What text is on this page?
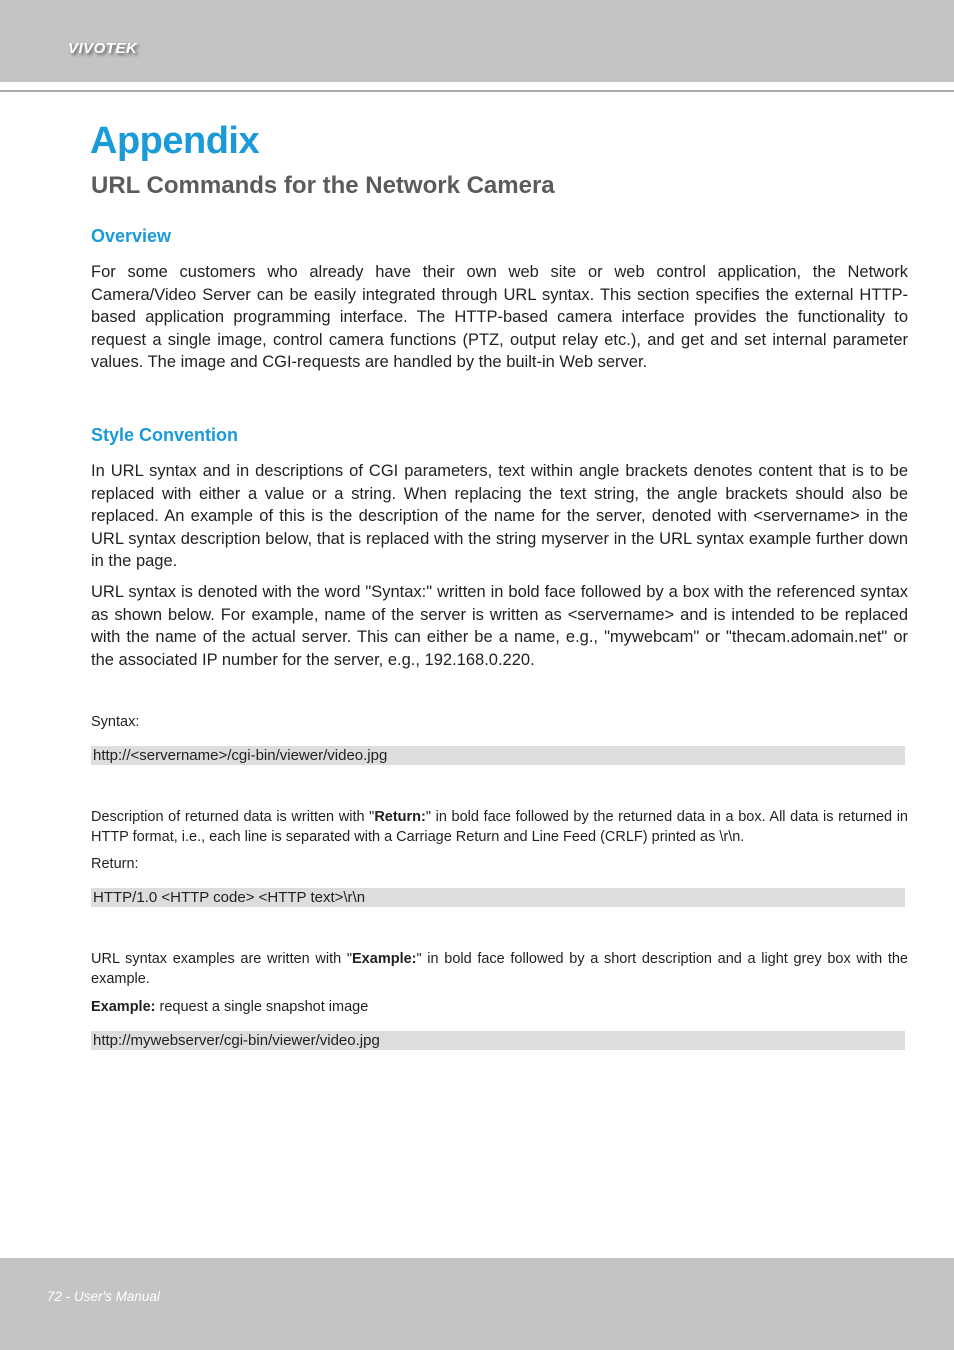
VIVOTEK
Appendix
URL Commands for the Network Camera
Overview

For some customers who already have their own web site or web control application, the Network Camera/Video Server can be easily integrated through URL syntax. This section specifies the external HTTP-based application programming interface. The HTTP-based camera interface provides the functionality to request a single image, control camera functions (PTZ, output relay etc.), and get and set internal parameter values. The image and CGI-requests are handled by the built-in Web server.

Style Convention

In URL syntax and in descriptions of CGI parameters, text within angle brackets denotes content that is to be replaced with either a value or a string. When replacing the text string, the angle brackets should also be replaced. An example of this is the description of the name for the server, denoted with <servername> in the URL syntax description below, that is replaced with the string myserver in the URL syntax example further down in the page.

URL syntax is denoted with the word "Syntax:" written in bold face followed by a box with the referenced syntax as shown below. For example, name of the server is written as <servername> and is intended to be replaced with the name of the actual server. This can either be a name, e.g., "mywebcam" or "thecam.adomain.net" or the associated IP number for the server, e.g., 192.168.0.220.

Syntax:
http://<servername>/cgi-bin/viewer/video.jpg

Description of returned data is written with "Return:" in bold face followed by the returned data in a box. All data is returned in HTTP format, i.e., each line is separated with a Carriage Return and Line Feed (CRLF) printed as \r\n.

Return:
HTTP/1.0 <HTTP code> <HTTP text>\r\n

URL syntax examples are written with "Example:" in bold face followed by a short description and a light grey box with the example.

Example: request a single snapshot image
http://mywebserver/cgi-bin/viewer/video.jpg
72 - User's Manual
